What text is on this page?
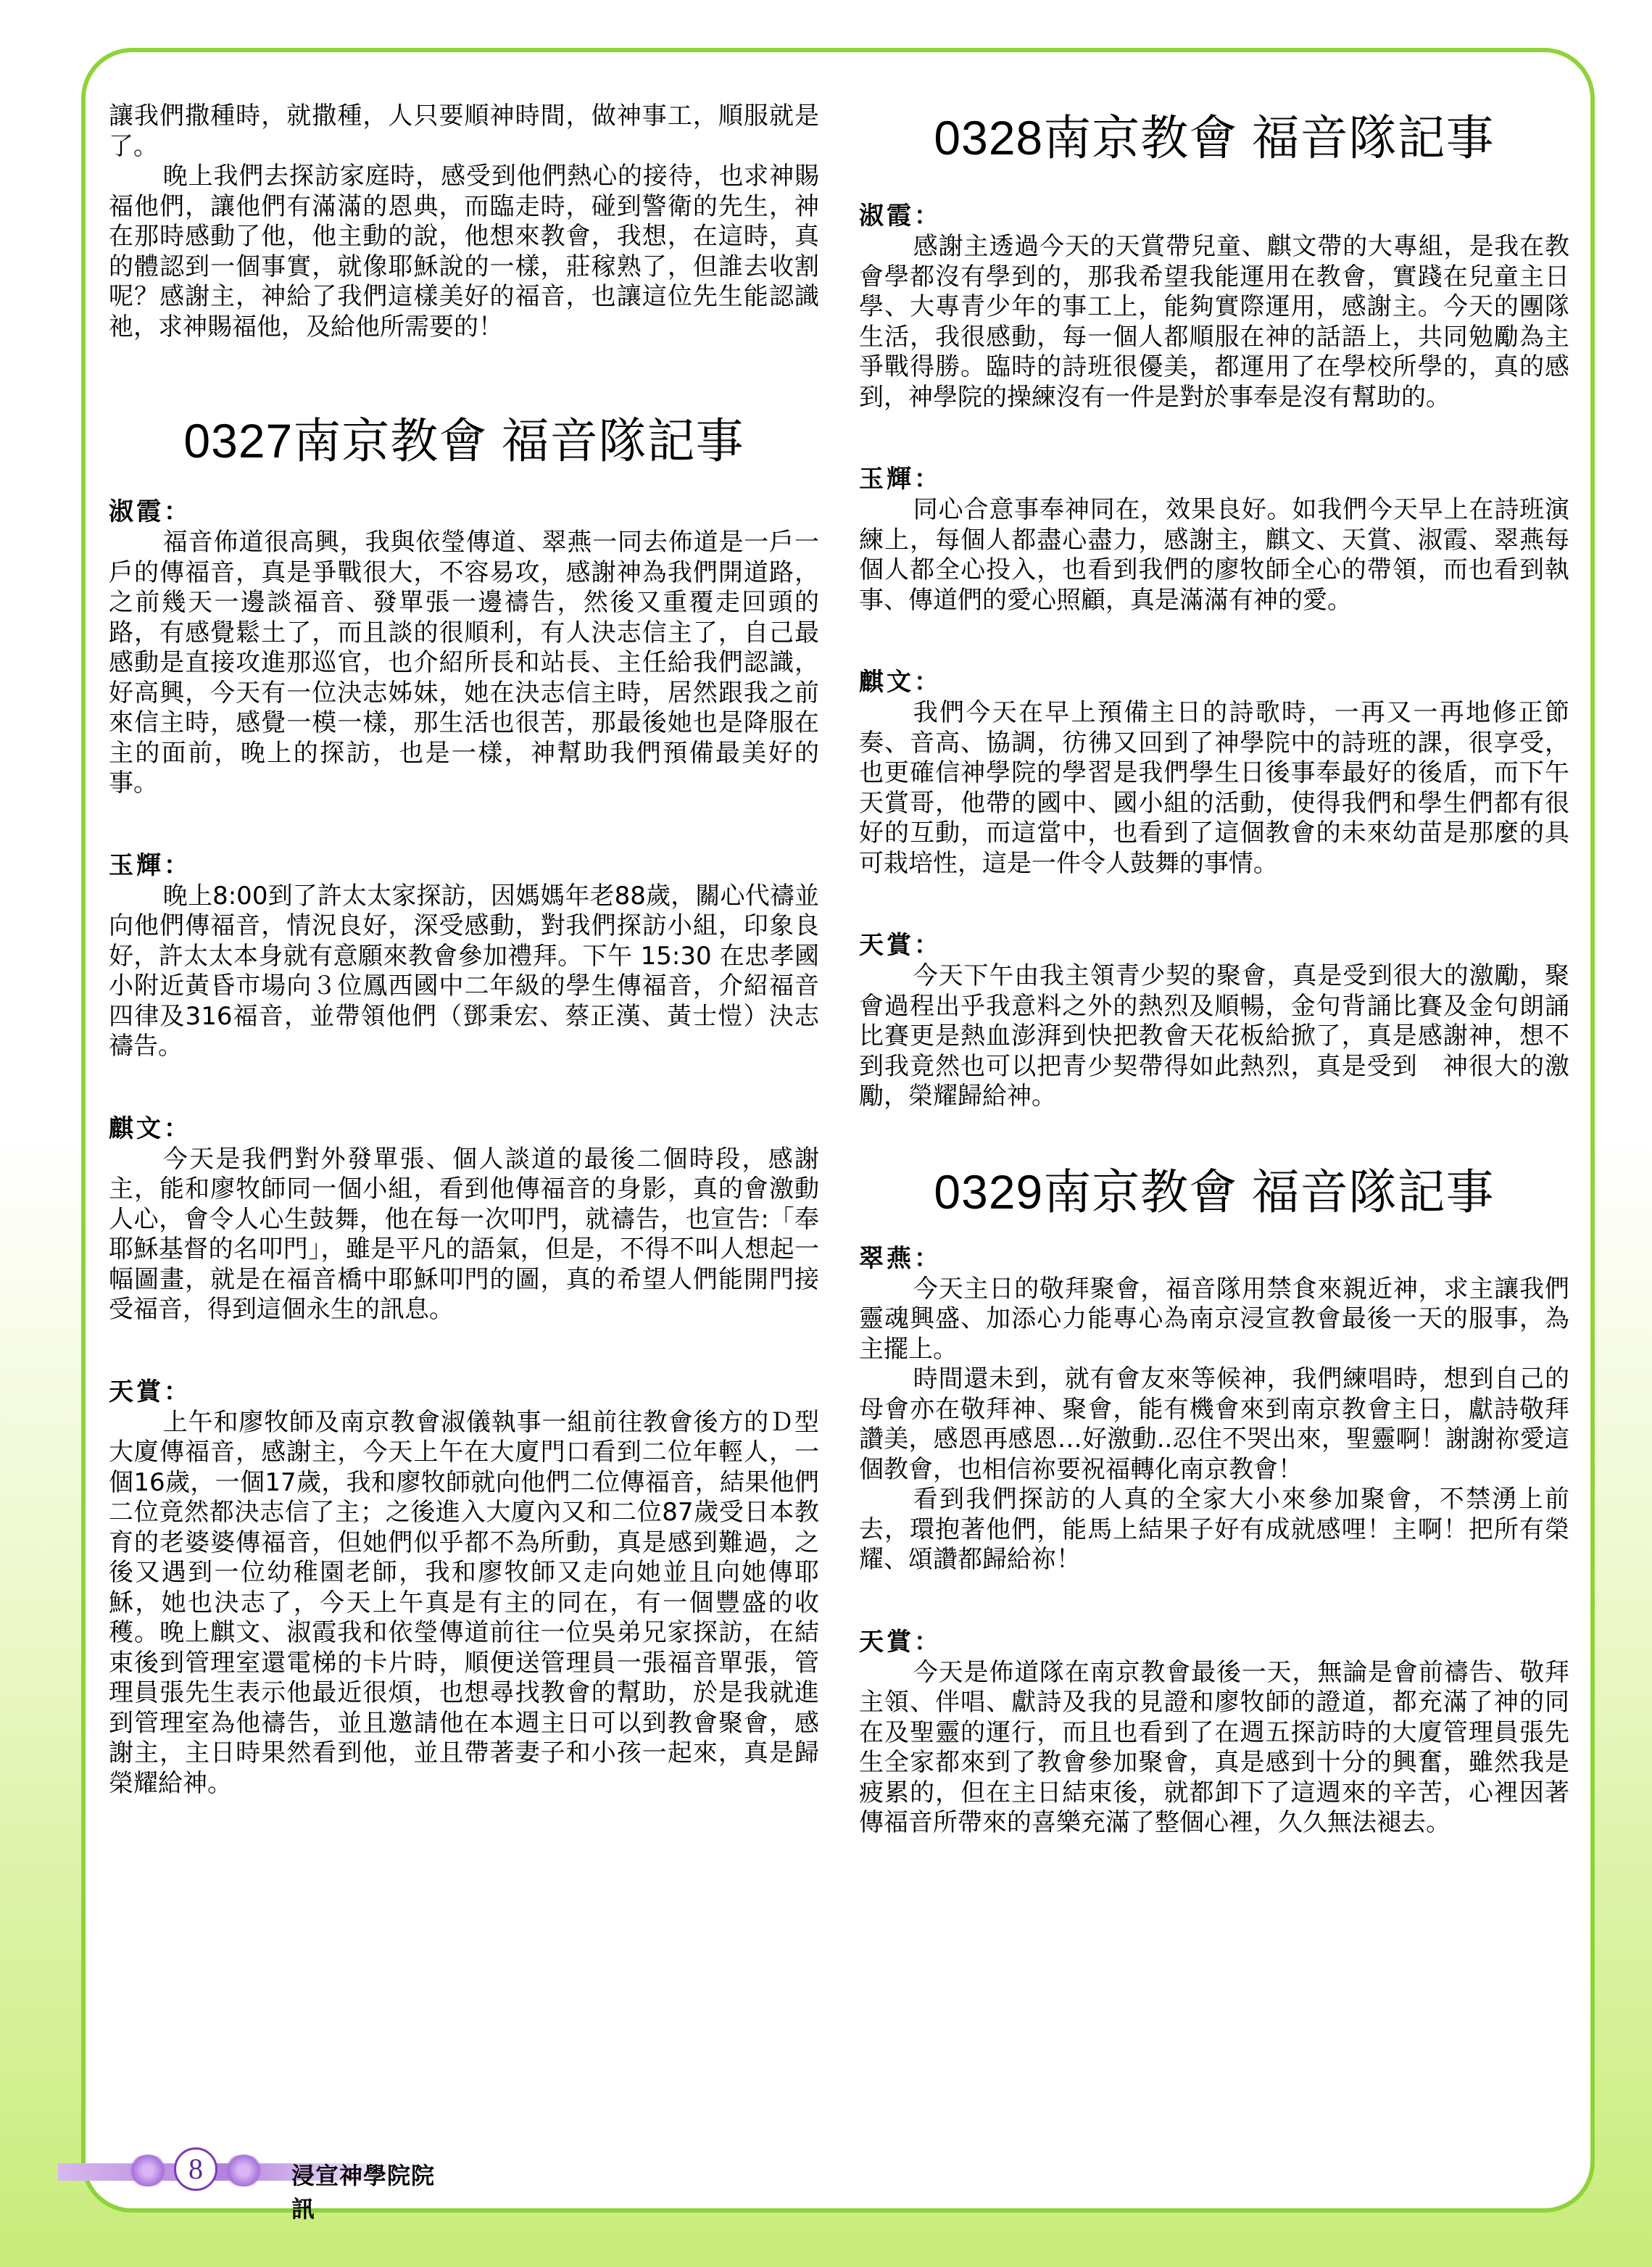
讓我們撒種時，就撒種，人只要順神時間，做神事工，順服就是了。

晚上我們去探訪家庭時，感受到他們熱心的接待，也求神賜福他們，讓他們有滿滿的恩典，而臨走時，碰到警衛的先生，神在那時感動了他，他主動的說，他想來教會，我想，在這時，真的體認到一個事實，就像耶穌說的一樣，莊稼熟了，但誰去收割呢？感謝主，神給了我們這樣美好的福音，也讓這位先生能認識祂，求神賜福他，及給他所需要的！

0327南京教會 福音隊記事

淑霞：

福音佈道很高興，我與依瑩傳道、翠燕一同去佈道是一戶一戶的傳福音，真是爭戰很大，不容易攻，感謝神為我們開道路，之前幾天一邊談福音、發單張一邊禱告，然後又重覆走回頭的路，有感覺鬆土了，而且談的很順利，有人決志信主了，自己最感動是直接攻進那巡官，也介紹所長和站長、主任給我們認識，好高興，今天有一位決志姊妹，她在決志信主時，居然跟我之前來信主時，感覺一模一樣，那生活也很苦，那最後她也是降服在主的面前，晚上的探訪，也是一樣，神幫助我們預備最美好的事。

玉輝：

晚上8:00到了許太太家探訪，因媽媽年老88歲，關心代禱並向他們傳福音，情況良好，深受感動，對我們探訪小組，印象良好，許太太本身就有意願來教會參加禮拜。下午 15:30 在忠孝國小附近黃昏市場向３位鳳西國中二年級的學生傳福音，介紹福音四律及316福音，並帶領他們（鄧秉宏、蔡正漢、黃士愷）決志禱告。

麒文：

今天是我們對外發單張、個人談道的最後二個時段，感謝主，能和廖牧師同一個小組，看到他傳福音的身影，真的會激動人心，會令人心生鼓舞，他在每一次叩門，就禱告，也宣告:「奉耶穌基督的名叩門」，雖是平凡的語氣，但是，不得不叫人想起一幅圖畫，就是在福音橋中耶穌叩門的圖，真的希望人們能開門接受福音，得到這個永生的訊息。

天賞：

上午和廖牧師及南京教會淑儀執事一組前往教會後方的Ｄ型大廈傳福音，感謝主，今天上午在大廈門口看到二位年輕人，一個16歲，一個17歲，我和廖牧師就向他們二位傳福音，結果他們二位竟然都決志信了主；之後進入大廈內又和二位87歲受日本教育的老婆婆傳福音，但她們似乎都不為所動，真是感到難過，之後又遇到一位幼稚園老師，我和廖牧師又走向她並且向她傳耶穌，她也決志了，今天上午真是有主的同在，有一個豐盛的收穫。晚上麒文、淑霞我和依瑩傳道前往一位吳弟兄家探訪，在結束後到管理室還電梯的卡片時，順便送管理員一張福音單張，管理員張先生表示他最近很煩，也想尋找教會的幫助，於是我就進到管理室為他禱告，並且邀請他在本週主日可以到教會聚會，感謝主，主日時果然看到他，並且帶著妻子和小孩一起來，真是歸榮耀給神。

0328南京教會 福音隊記事

淑霞：

感謝主透過今天的天賞帶兒童、麒文帶的大專組，是我在教會學都沒有學到的，那我希望我能運用在教會，實踐在兒童主日學、大專青少年的事工上，能夠實際運用，感謝主。今天的團隊生活，我很感動，每一個人都順服在神的話語上，共同勉勵為主爭戰得勝。臨時的詩班很優美，都運用了在學校所學的，真的感到，神學院的操練沒有一件是對於事奉是沒有幫助的。

玉輝：

同心合意事奉神同在，效果良好。如我們今天早上在詩班演練上，每個人都盡心盡力，感謝主，麒文、天賞、淑霞、翠燕每個人都全心投入，也看到我們的廖牧師全心的帶領，而也看到執事、傳道們的愛心照顧，真是滿滿有神的愛。

麒文：

我們今天在早上預備主日的詩歌時，一再又一再地修正節奏、音高、協調，彷彿又回到了神學院中的詩班的課，很享受，也更確信神學院的學習是我們學生日後事奉最好的後盾，而下午天賞哥，他帶的國中、國小組的活動，使得我們和學生們都有很好的互動，而這當中，也看到了這個教會的未來幼苗是那麼的具可栽培性，這是一件令人鼓舞的事情。

天賞：

今天下午由我主領青少契的聚會，真是受到很大的激勵，聚會過程出乎我意料之外的熱烈及順暢，金句背誦比賽及金句朗誦比賽更是熱血澎湃到快把教會天花板給掀了，真是感謝神，想不到我竟然也可以把青少契帶得如此熱烈，真是受到　神很大的激勵，榮耀歸給神。

0329南京教會 福音隊記事

翠燕：

今天主日的敬拜聚會，福音隊用禁食來親近神，求主讓我們靈魂興盛、加添心力能專心為南京浸宣教會最後一天的服事，為主擺上。

時間還未到，就有會友來等候神，我們練唱時，想到自己的母會亦在敬拜神、聚會，能有機會來到南京教會主日，獻詩敬拜讚美，感恩再感恩…好激動..忍住不哭出來，聖靈啊！謝謝祢愛這個教會，也相信祢要祝福轉化南京教會！

看到我們探訪的人真的全家大小來參加聚會，不禁湧上前去，環抱著他們，能馬上結果子好有成就感哩！主啊！把所有榮耀、頌讚都歸給祢！

天賞：

今天是佈道隊在南京教會最後一天，無論是會前禱告、敬拜主領、伴唱、獻詩及我的見證和廖牧師的證道，都充滿了神的同在及聖靈的運行，而且也看到了在週五探訪時的大廈管理員張先生全家都來到了教會參加聚會，真是感到十分的興奮，雖然我是疲累的，但在主日結束後，就都卸下了這週來的辛苦，心裡因著傳福音所帶來的喜樂充滿了整個心裡，久久無法褪去。

8	浸宣神學院院訊
